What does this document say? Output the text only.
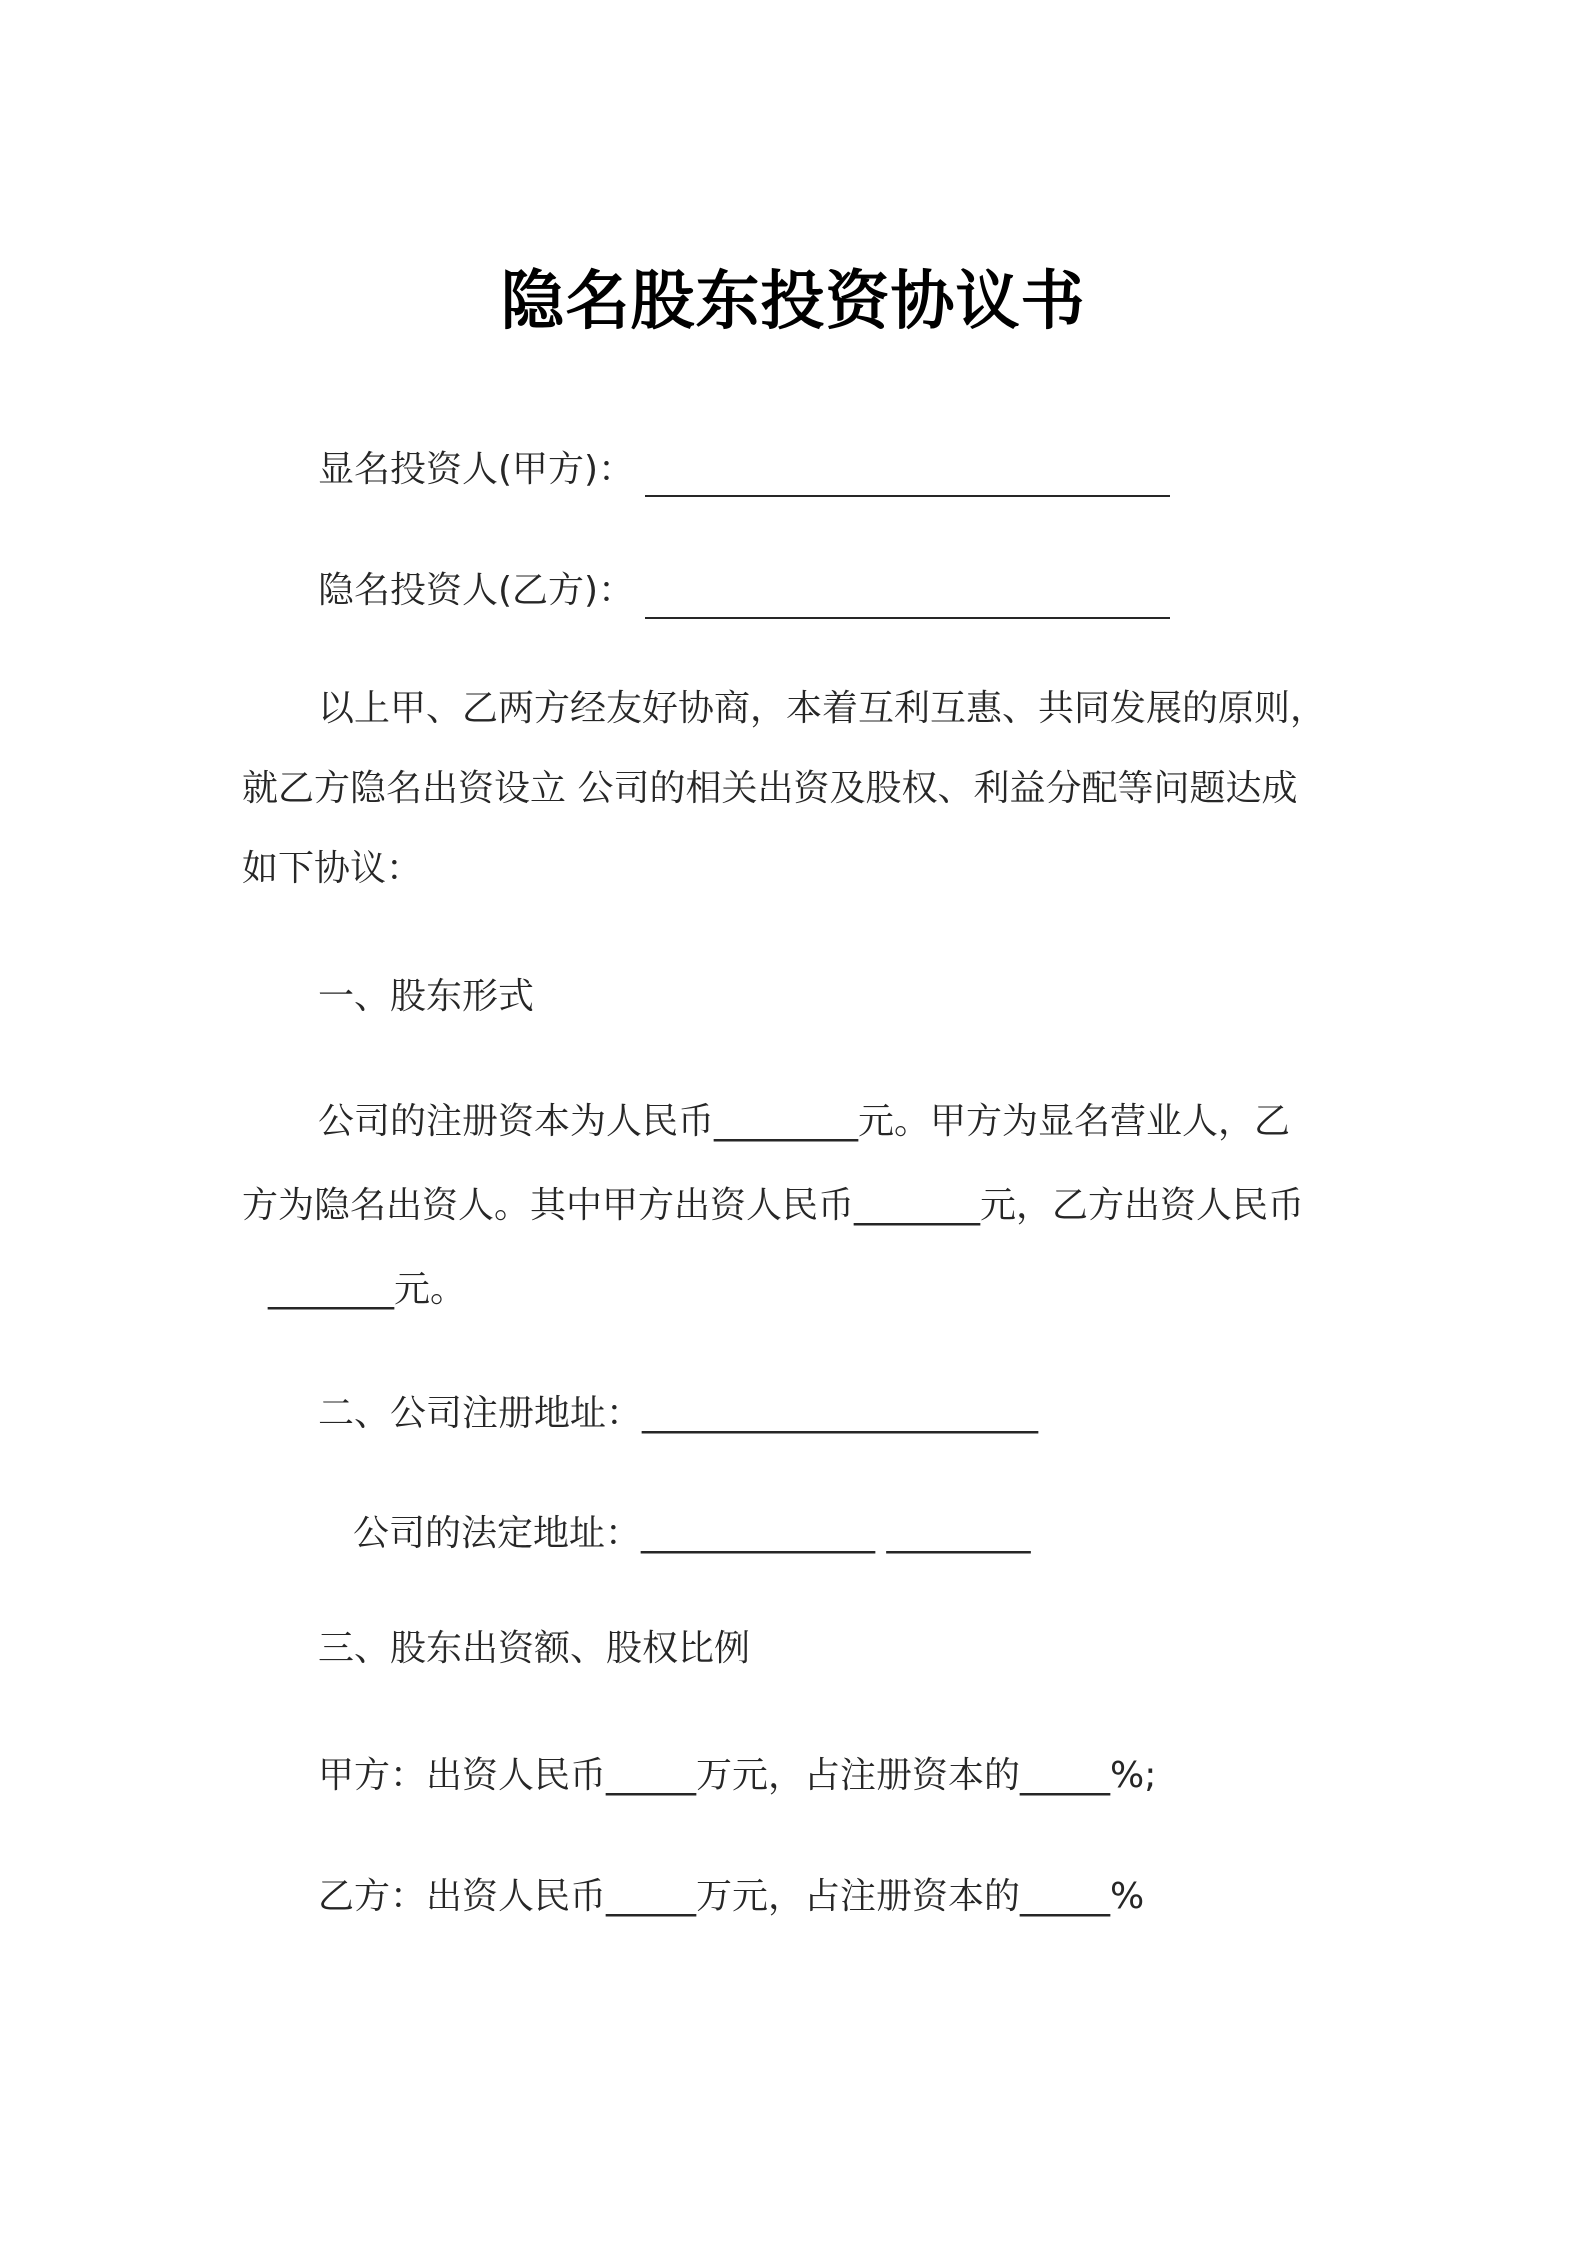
隐名股东投资协议书
显名投资人(甲方)：
隐名投资人(乙方)：
以上甲、乙两方经友好协商，本着互利互惠、共同发展的原则，
就乙方隐名出资设立 公司的相关出资及股权、利益分配等问题达成
如下协议：
一、股东形式
公司的注册资本为人民币________元。甲方为显名营业人，乙
方为隐名出资人。其中甲方出资人民币_______元，乙方出资人民币
_______元。
二、公司注册地址：______________________
公司的法定地址：_____________ ________
三、股东出资额、股权比例
甲方：出资人民币_____万元，占注册资本的_____%;
乙方：出资人民币_____万元，占注册资本的_____%
